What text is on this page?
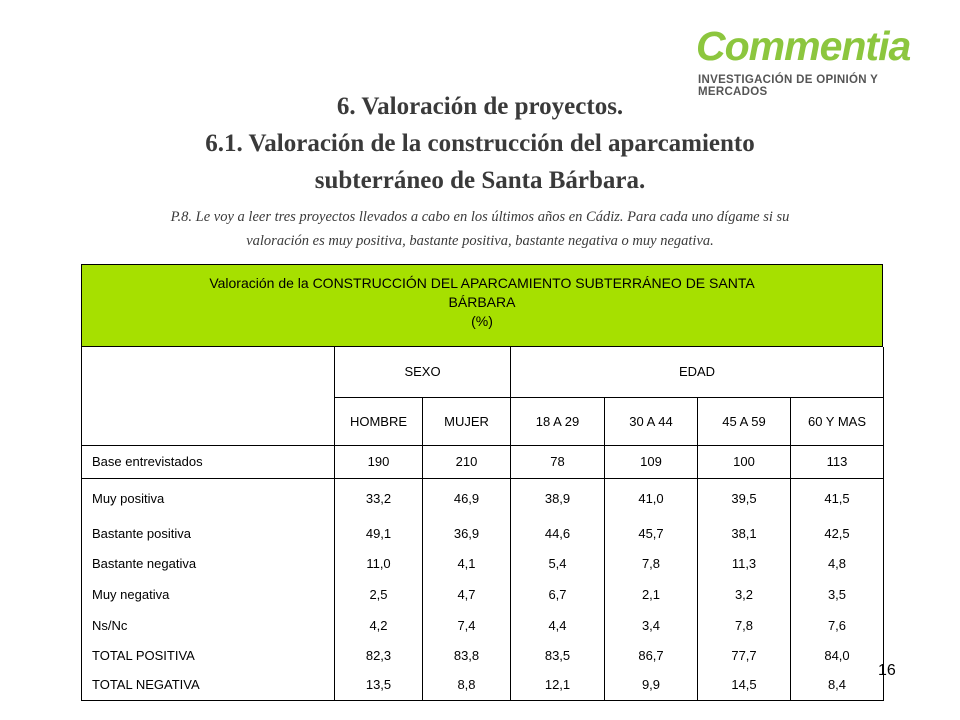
Commentia
INVESTIGACIÓN DE OPINIÓN Y MERCADOS
6. Valoración de proyectos.
6.1. Valoración de la construcción del aparcamiento
subterráneo de Santa Bárbara.
P.8. Le voy a leer tres proyectos llevados a cabo en los últimos años en Cádiz. Para cada uno dígame si su
valoración es muy positiva, bastante positiva, bastante negativa o muy negativa.
Valoración de la CONSTRUCCIÓN DEL APARCAMIENTO SUBTERRÁNEO DE SANTA
BÁRBARA
(%)
	SEXO		EDAD			
	HOMBRE	MUJER	18 A 29	30 A 44	45 A 59	60 Y MAS
Base entrevistados	190	210	78	109	100	113
Muy positiva	33,2	46,9	38,9	41,0	39,5	41,5
Bastante positiva	49,1	36,9	44,6	45,7	38,1	42,5
Bastante negativa	11,0	4,1	5,4	7,8	11,3	4,8
Muy negativa	2,5	4,7	6,7	2,1	3,2	3,5
Ns/Nc	4,2	7,4	4,4	3,4	7,8	7,6
TOTAL POSITIVA	82,3	83,8	83,5	86,7	77,7	84,0
TOTAL NEGATIVA	13,5	8,8	12,1	9,9	14,5	8,4
16
